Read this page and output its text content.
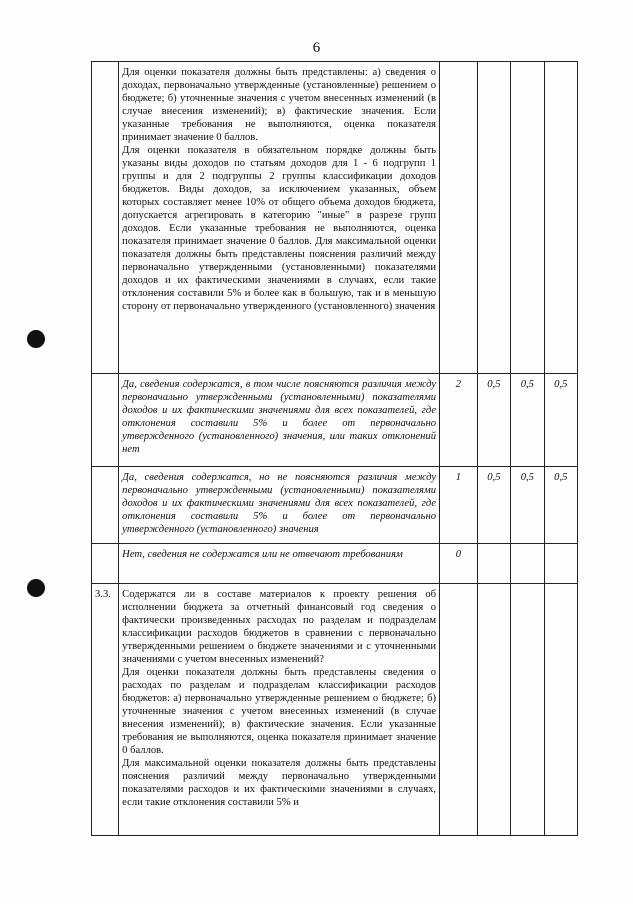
6

	Для оценки показателя должны быть представлены: а) сведения о доходах, первоначально утвержденные (установленные) решением о бюджете; б) уточненные значения с учетом внесенных изменений (в случае внесения изменений); в) фактические значения. Если указанные требования не выполняются, оценка показателя принимает значение 0 баллов.

Для оценки показателя в обязательном порядке должны быть указаны виды доходов по статьям доходов для 1 - 6 подгрупп 1 группы и для 2 подгруппы 2 группы классификации доходов бюджетов. Виды доходов, за исключением указанных, объем которых составляет менее 10% от общего объема доходов бюджета, допускается агрегировать в категорию "иные" в разрезе групп доходов. Если указанные требования не выполняются, оценка показателя принимает значение 0 баллов. Для максимальной оценки показателя должны быть представлены пояснения различий между первоначально утвержденными (установленными) показателями доходов и их фактическими значениями в случаях, если такие отклонения составили 5% и более как в большую, так и в меньшую сторону от первоначально утвержденного (установленного) значения				

	Да, сведения содержатся, в том числе поясняются различия между первоначально утвержденными (установленными) показателями доходов и их фактическими значениями для всех показателей, где отклонения составили 5% и более от первоначально утвержденного (установленного) значения, или таких отклонений нет	2	0,5	0,5	0,5

	Да, сведения содержатся, но не поясняются различия между первоначально утвержденными (установленными) показателями доходов и их фактическими значениями для всех показателей, где отклонения составили 5% и более от первоначально утвержденного (установленного) значения	1	0,5	0,5	0,5

	Нет, сведения не содержатся или не отвечают требованиям	0			
3.3.	Содержатся ли в составе материалов к проекту решения об исполнении бюджета за отчетный финансовый год сведения о фактически произведенных расходах по разделам и подразделам классификации расходов бюджетов в сравнении с первоначально утвержденными решением о бюджете значениями и с уточненными значениями с учетом внесенных изменений?

Для оценки показателя должны быть представлены сведения о расходах по разделам и подразделам классификации расходов бюджетов: а) первоначально утвержденные решением о бюджете; б) уточненные значения с учетом внесенных изменений (в случае внесения изменений); в) фактические значения. Если указанные требования не выполняются, оценка показателя принимает значение 0 баллов.

Для максимальной оценки показателя должны быть представлены пояснения различий между первоначально утвержденными показателями расходов и их фактическими значениями в случаях, если такие отклонения составили 5% и				
